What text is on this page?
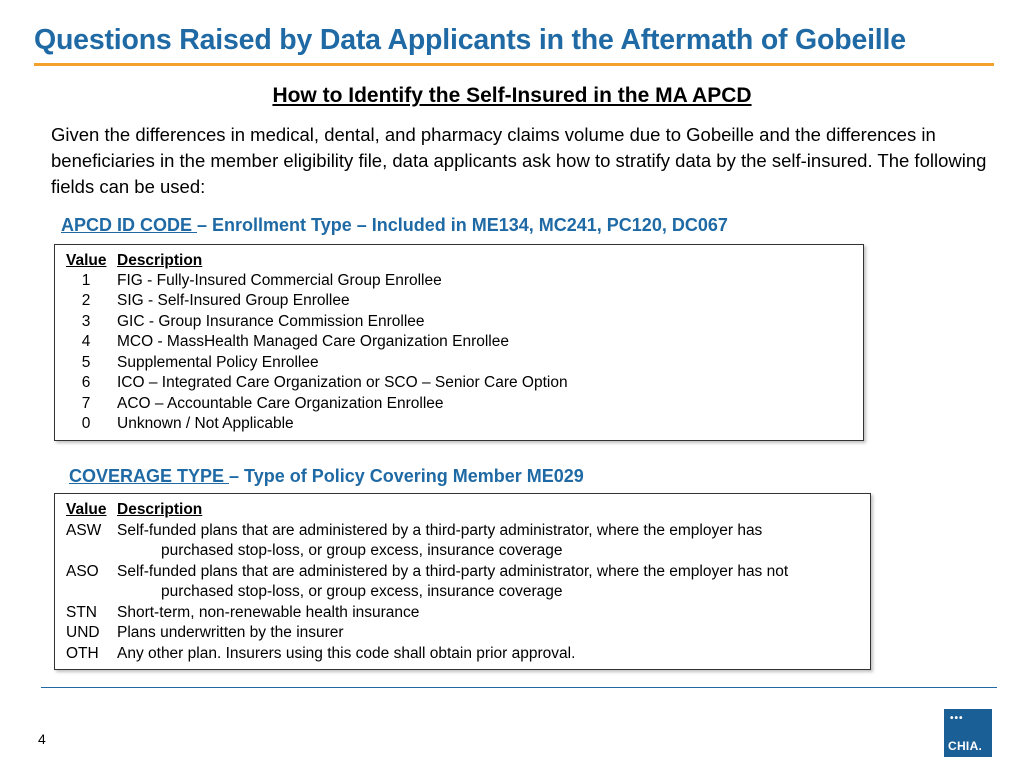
Questions Raised by Data Applicants in the Aftermath of Gobeille
How to Identify the Self-Insured in the MA APCD

Given the differences in medical, dental, and pharmacy claims volume due to Gobeille and the differences in beneficiaries in the member eligibility file, data applicants ask how to stratify data by the self-insured. The following fields can be used:

APCD ID CODE – Enrollment Type – Included in ME134, MC241, PC120, DC067
Value Description
1	FIG - Fully-Insured Commercial Group Enrollee
2	SIG - Self-Insured Group Enrollee
3	GIC - Group Insurance Commission Enrollee
4	MCO - MassHealth Managed Care Organization Enrollee
5	Supplemental Policy Enrollee
6	ICO – Integrated Care Organization or SCO – Senior Care Option
7	ACO – Accountable Care Organization Enrollee
0	Unknown / Not Applicable
COVERAGE TYPE – Type of Policy Covering Member ME029
Value Description
ASW	Self-funded plans that are administered by a third-party administrator, where the employer has
purchased stop-loss, or group excess, insurance coverage
ASO	Self-funded plans that are administered by a third-party administrator, where the employer has not
purchased stop-loss, or group excess, insurance coverage
STN	Short-term, non-renewable health insurance
UND	Plans underwritten by the insurer
OTH	Any other plan. Insurers using this code shall obtain prior approval.
4
•••
CHIA.
